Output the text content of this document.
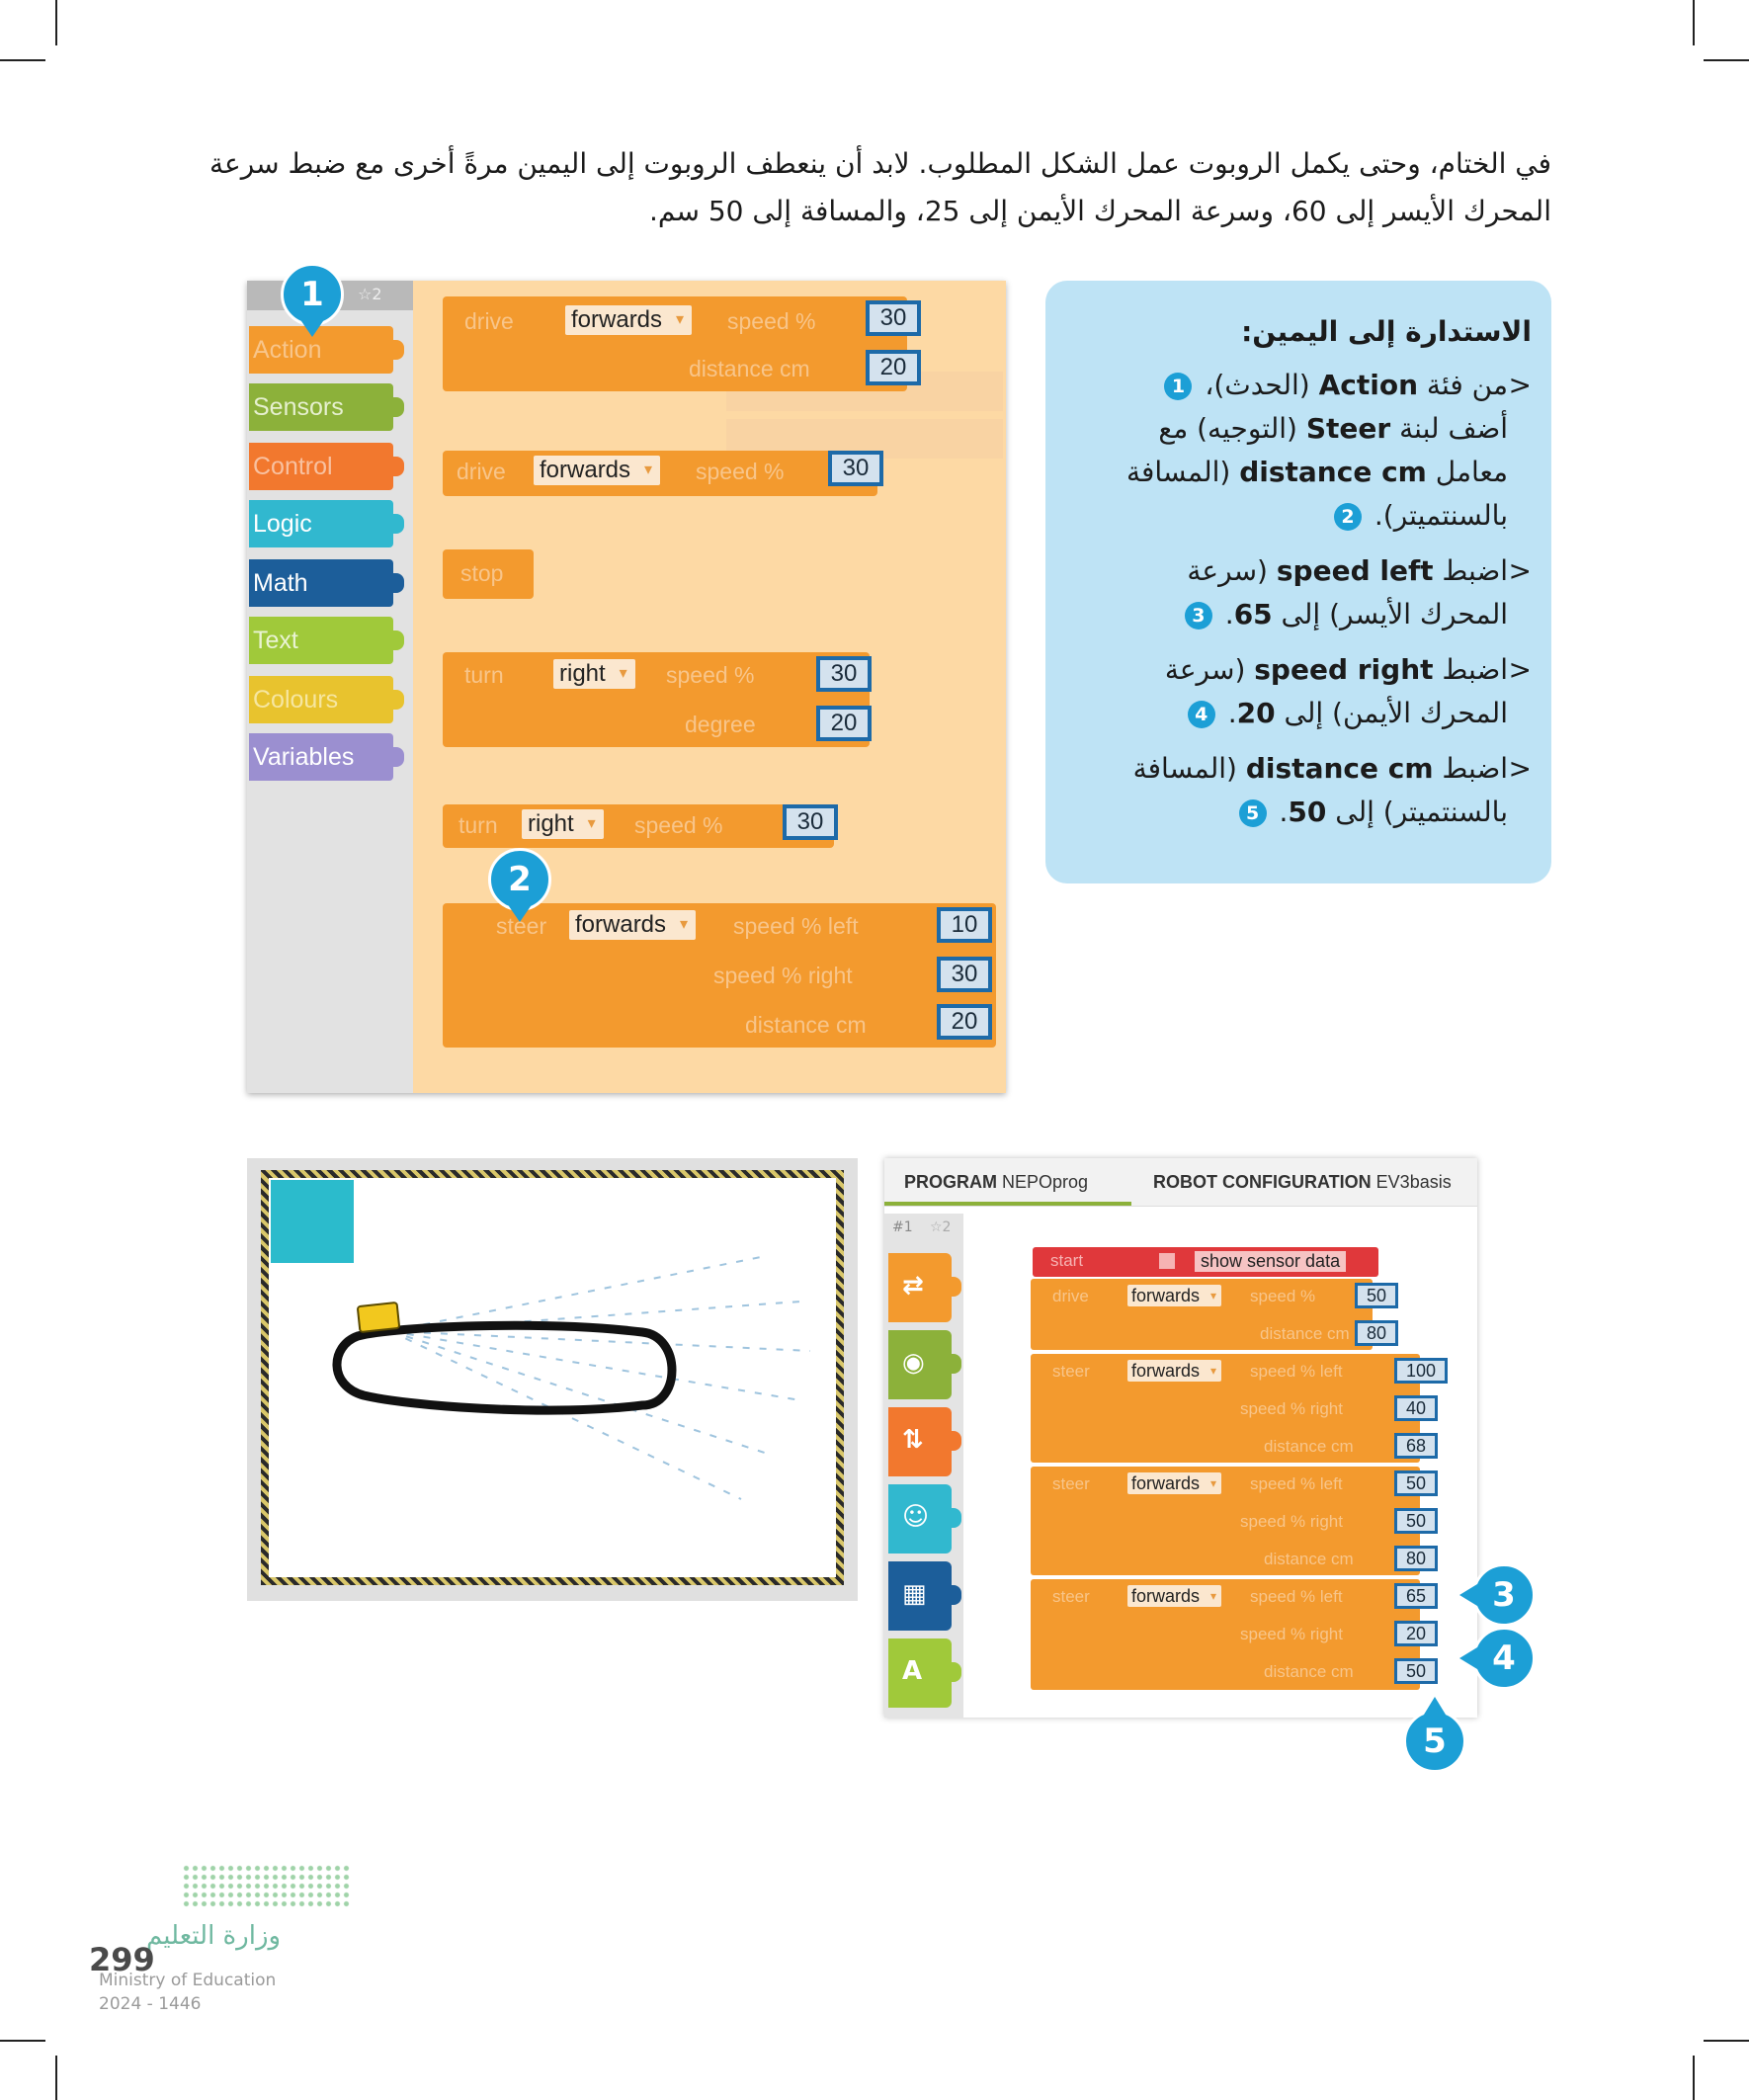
في الختام، وحتى يكمل الروبوت عمل الشكل المطلوب. لابد أن ينعطف الروبوت إلى اليمين مرةً أخرى مع ضبط سرعة المحرك الأيسر إلى 60، وسرعة المحرك الأيمن إلى 25، والمسافة إلى 50 سم.
☆2
Action
Sensors
Control
Logic
Math
Text
Colours
Variables
drive forwards ▾	speed %	30
distance cm	20
drive forwards ▾	speed %	30
stop
turn right ▾	speed %	30
degree	20
turn right ▾	speed %	30
steer forwards ▾	speed % left	10
speed % right	30
distance cm	20
1
2
الاستدارة إلى اليمين:

< من فئة Action (الحدث)، 1
أضف لبنة Steer (التوجيه) مع معامل distance cm (المسافة بالسنتميتر). 2

< اضبط speed left (سرعة المحرك الأيسر) إلى 65. 3

< اضبط speed right (سرعة المحرك الأيمن) إلى 20. 4

< اضبط distance cm (المسافة بالسنتميتر) إلى 50. 5

PROGRAM NEPOprog	ROBOT CONFIGURATION EV3basis
#1 ☆2
⇄
◉
⇅
☺
▦
A
start	show sensor data
drive forwards ▾	speed %	50
distance cm 80
steer forwards ▾	speed % left	100
speed % right	40
distance cm	68
steer forwards ▾	speed % left	50
speed % right	50
distance cm	80
steer forwards ▾	speed % left	65
speed % right	20
distance cm	50
3
4
5
وزارة التعليم
299
Ministry of Education
2024 - 1446
